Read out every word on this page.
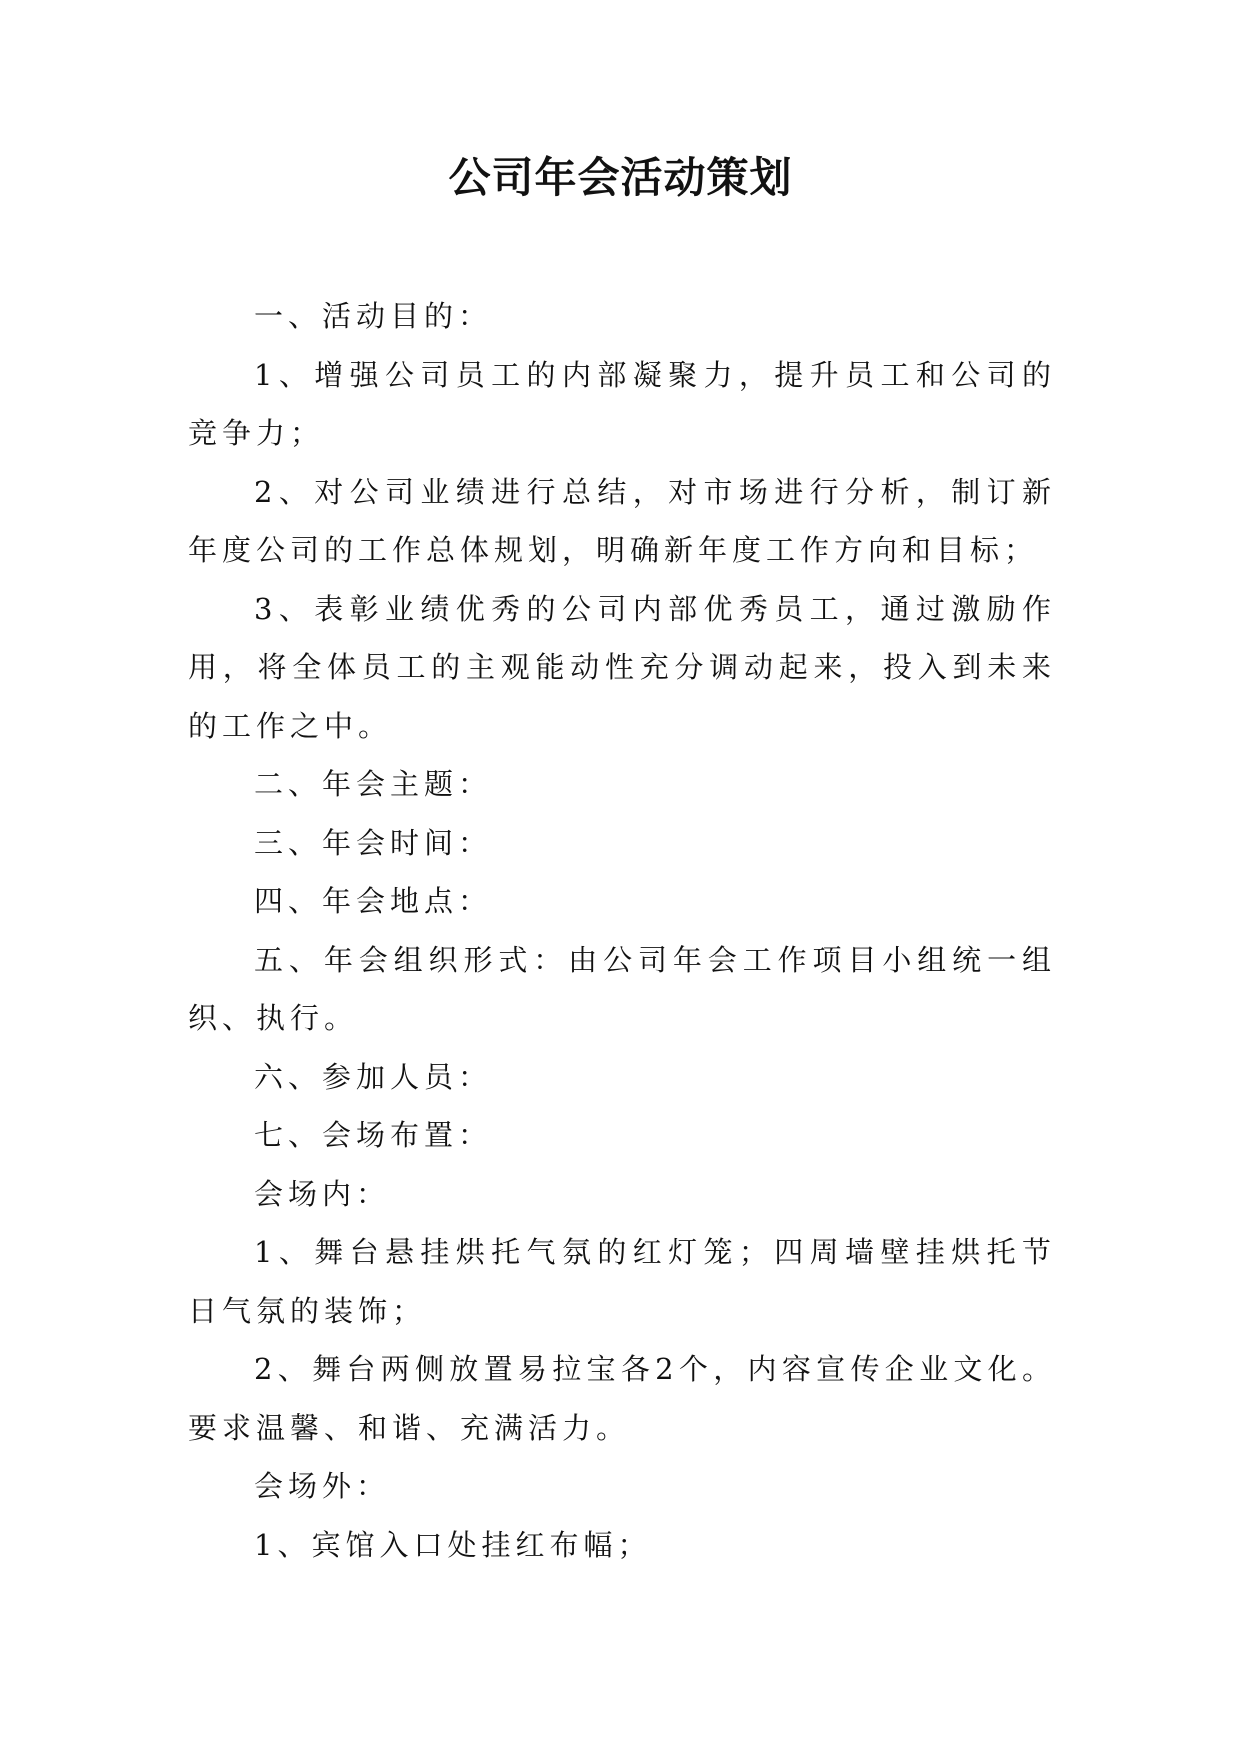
公司年会活动策划

一、活动目的：

1、增强公司员工的内部凝聚力，提升员工和公司的竞争力；

2、对公司业绩进行总结，对市场进行分析，制订新年度公司的工作总体规划，明确新年度工作方向和目标；

3、表彰业绩优秀的公司内部优秀员工，通过激励作用，将全体员工的主观能动性充分调动起来，投入到未来的工作之中。

二、年会主题：

三、年会时间：

四、年会地点：

五、年会组织形式：由公司年会工作项目小组统一组织、执行。

六、参加人员：

七、会场布置：

会场内：

1、舞台悬挂烘托气氛的红灯笼；四周墙壁挂烘托节日气氛的装饰；

2、舞台两侧放置易拉宝各2个，内容宣传企业文化。要求温馨、和谐、充满活力。

会场外：

1、宾馆入口处挂红布幅；
